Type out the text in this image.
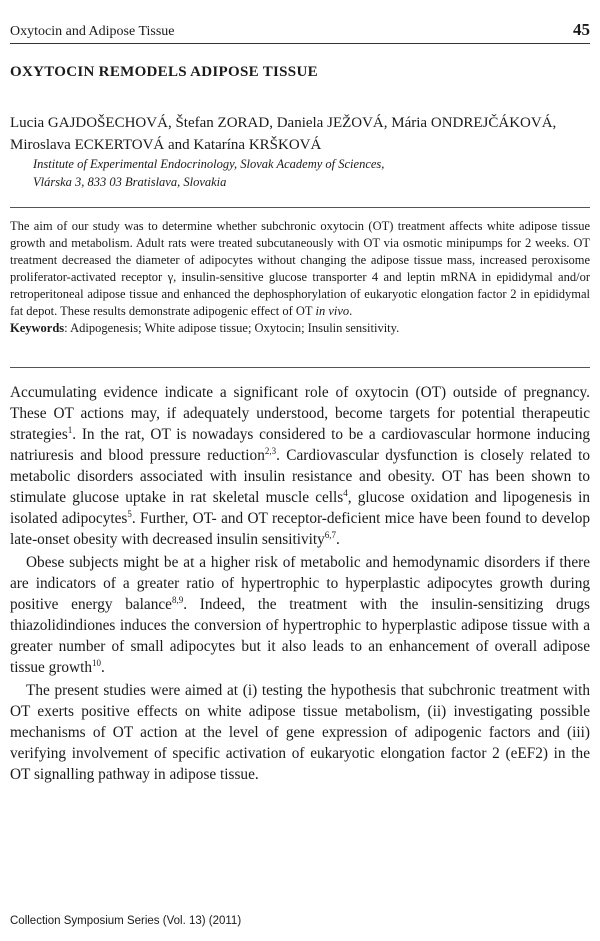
Oxytocin and Adipose Tissue	45
OXYTOCIN REMODELS ADIPOSE TISSUE
Lucia GAJDOŠECHOVÁ, Štefan ZORAD, Daniela JEŽOVÁ, Mária ONDREJČÁKOVÁ,
Miroslava ECKERTOVÁ and Katarína KRŠKOVÁ
Institute of Experimental Endocrinology, Slovak Academy of Sciences,
Vlárska 3, 833 03 Bratislava, Slovakia

The aim of our study was to determine whether subchronic oxytocin (OT) treatment affects white adipose tissue growth and metabolism. Adult rats were treated subcutaneously with OT via osmotic minipumps for 2 weeks. OT treatment decreased the diameter of adipocytes without changing the adipose tissue mass, increased peroxisome proliferator-activated receptor γ, insulin-sensitive glucose transporter 4 and leptin mRNA in epididymal and/or retroperitoneal adipose tissue and enhanced the dephosphorylation of eukaryotic elongation factor 2 in epididymal fat depot. These results demonstrate adipogenic effect of OT in vivo.

Keywords: Adipogenesis; White adipose tissue; Oxytocin; Insulin sensitivity.

Accumulating evidence indicate a significant role of oxytocin (OT) outside of pregnancy. These OT actions may, if adequately understood, become targets for potential therapeutic strategies$^1$. In the rat, OT is nowadays considered to be a cardiovascular hormone inducing natriuresis and blood pressure reduction$^{2,3}$. Cardiovascular dysfunction is closely related to metabolic disorders associated with insulin resistance and obesity. OT has been shown to stimulate glucose uptake in rat skeletal muscle cells$^4$, glucose oxidation and lipogenesis in isolated adipocytes$^5$. Further, OT- and OT receptor-deficient mice have been found to develop late-onset obesity with decreased insulin sensitivity$^{6,7}$.

Obese subjects might be at a higher risk of metabolic and hemodynamic disorders if there are indicators of a greater ratio of hypertrophic to hyperplastic adipocytes growth during positive energy balance$^{8,9}$. Indeed, the treatment with the insulin-sensitizing drugs thiazolidindiones induces the conversion of hypertrophic to hyperplastic adipose tissue with a greater number of small adipocytes but it also leads to an enhancement of overall adipose tissue growth$^{10}$.

The present studies were aimed at (i) testing the hypothesis that subchronic treatment with OT exerts positive effects on white adipose tissue metabolism, (ii) investigating possible mechanisms of OT action at the level of gene expression of adipogenic factors and (iii) verifying involvement of specific activation of eukaryotic elongation factor 2 (eEF2) in the OT signalling pathway in adipose tissue.

Collection Symposium Series (Vol. 13) (2011)
